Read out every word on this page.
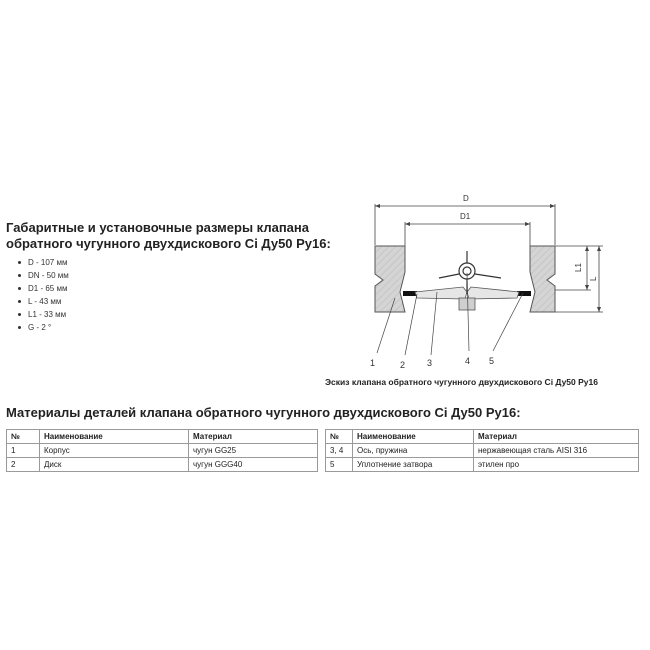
Габаритные и установочные размеры клапана обратного чугунного двухдискового Ci Ду50 Ру16:
D - 107 мм
DN - 50 мм
D1 - 65 мм
L - 43 мм
L1 - 33 мм
G - 2 °
D
D1
L1
L
1	2 3	4 5
Эскиз клапана обратного чугунного двухдискового Ci Ду50 Ру16
Материалы деталей клапана обратного чугунного двухдискового Ci Ду50 Ру16:
№	Наименование	Материал
1	Корпус	чугун GG25
2	Диск	чугун GGG40
№	Наименование	Материал
3, 4	Ось, пружина	нержавеющая сталь AISI 316
5	Уплотнение затвора	этилен про
